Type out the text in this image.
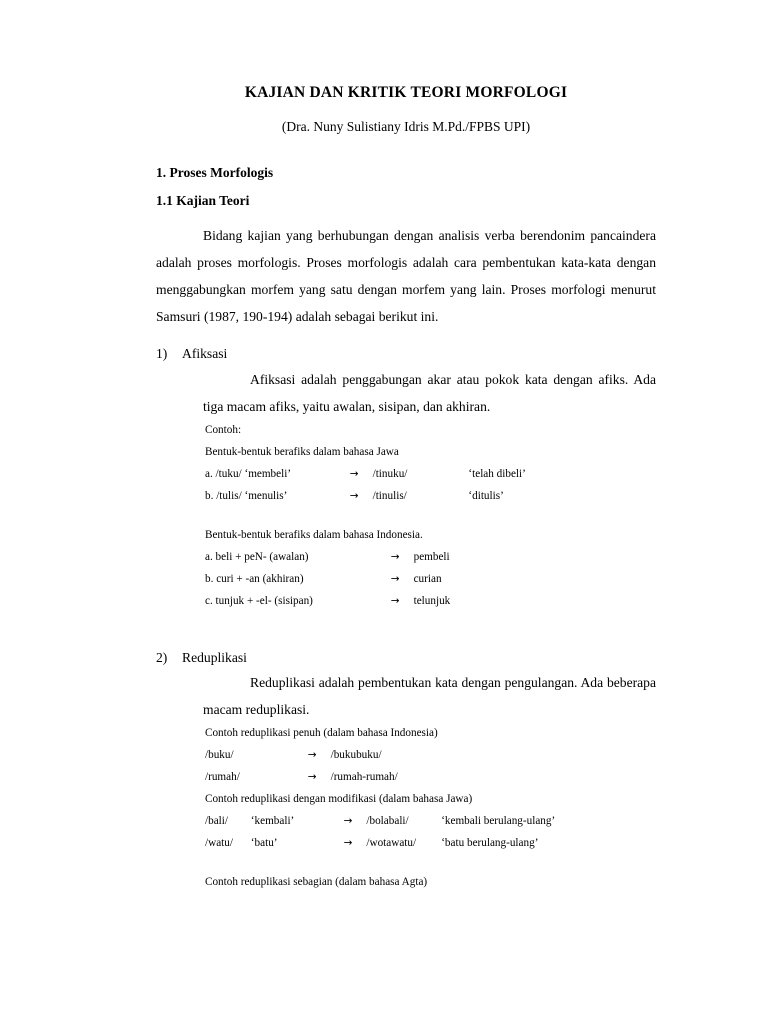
KAJIAN DAN KRITIK TEORI MORFOLOGI
(Dra. Nuny Sulistiany Idris M.Pd./FPBS UPI)
1. Proses Morfologis
1.1 Kajian Teori

Bidang kajian yang berhubungan dengan analisis verba berendonim pancaindera adalah proses morfologis. Proses morfologis adalah cara pembentukan kata-kata dengan menggabungkan morfem yang satu dengan morfem yang lain. Proses morfologi menurut Samsuri (1987, 190-194) adalah sebagai berikut ini.

1)	Afiksasi

Afiksasi adalah penggabungan akar atau pokok kata dengan afiks. Ada tiga macam afiks, yaitu awalan, sisipan, dan akhiran.

Contoh:
Bentuk-bentuk berafiks dalam bahasa Jawa
a. /tuku/ ‘membeli’	→ /tinuku/	‘telah dibeli’
b. /tulis/ ‘menulis’	→ /tinulis/	‘ditulis’
Bentuk-bentuk berafiks dalam bahasa Indonesia.
a. beli + peN- (awalan)	→ pembeli
b. curi + -an (akhiran)	→ curian
c. tunjuk + -el- (sisipan)	→ telunjuk
2)	Reduplikasi

Reduplikasi adalah pembentukan kata dengan pengulangan. Ada beberapa macam reduplikasi.

Contoh reduplikasi penuh (dalam bahasa Indonesia)
/buku/	→ /bukubuku/
/rumah/	→ /rumah-rumah/
Contoh reduplikasi dengan modifikasi (dalam bahasa Jawa)
/bali/ ‘kembali’	→ /bolabali/	‘kembali berulang-ulang’
/watu/ ‘batu’	→ /wotawatu/ ‘batu berulang-ulang’
Contoh reduplikasi sebagian (dalam bahasa Agta)
